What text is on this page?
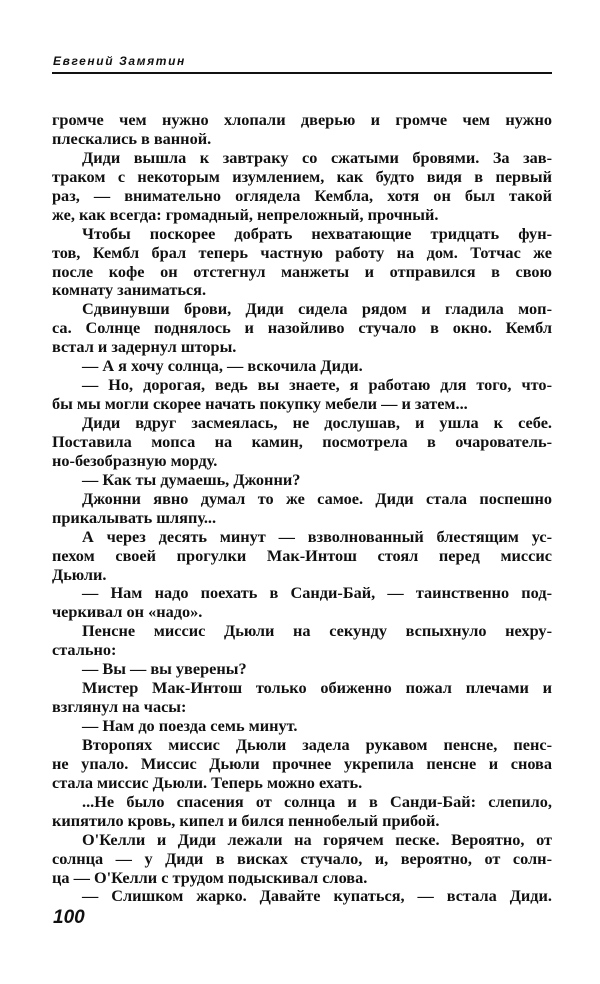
Евгений Замятин
громче чем нужно хлопали дверью и громче чем нужно
плескались в ванной.
Диди вышла к завтраку со сжатыми бровями. За зав-
траком с некоторым изумлением, как будто видя в первый
раз, — внимательно оглядела Кембла, хотя он был такой
же, как всегда: громадный, непреложный, прочный.
Чтобы поскорее добрать нехватающие тридцать фун-
тов, Кембл брал теперь частную работу на дом. Тотчас же
после кофе он отстегнул манжеты и отправился в свою
комнату заниматься.
Сдвинувши брови, Диди сидела рядом и гладила моп-
са. Солнце поднялось и назойливо стучало в окно. Кембл
встал и задернул шторы.
— А я хочу солнца, — вскочила Диди.
— Но, дорогая, ведь вы знаете, я работаю для того, что-
бы мы могли скорее начать покупку мебели — и затем...
Диди вдруг засмеялась, не дослушав, и ушла к себе.
Поставила мопса на камин, посмотрела в очарователь-
но-безобразную морду.
— Как ты думаешь, Джонни?
Джонни явно думал то же самое. Диди стала поспешно
прикалывать шляпу...
А через десять минут — взволнованный блестящим ус-
пехом своей прогулки Мак-Интош стоял перед миссис
Дьюли.
— Нам надо поехать в Санди-Бай, — таинственно под-
черкивал он «надо».
Пенсне миссис Дьюли на секунду вспыхнуло нехру-
стально:
— Вы — вы уверены?
Мистер Мак-Интош только обиженно пожал плечами и
взглянул на часы:
— Нам до поезда семь минут.
Второпях миссис Дьюли задела рукавом пенсне, пенс-
не упало. Миссис Дьюли прочнее укрепила пенсне и снова
стала миссис Дьюли. Теперь можно ехать.
...Не было спасения от солнца и в Санди-Бай: слепило,
кипятило кровь, кипел и бился пеннобелый прибой.
О'Келли и Диди лежали на горячем песке. Вероятно, от
солнца — у Диди в висках стучало, и, вероятно, от солн-
ца — О'Келли с трудом подыскивал слова.
— Слишком жарко. Давайте купаться, — встала Диди.
100
